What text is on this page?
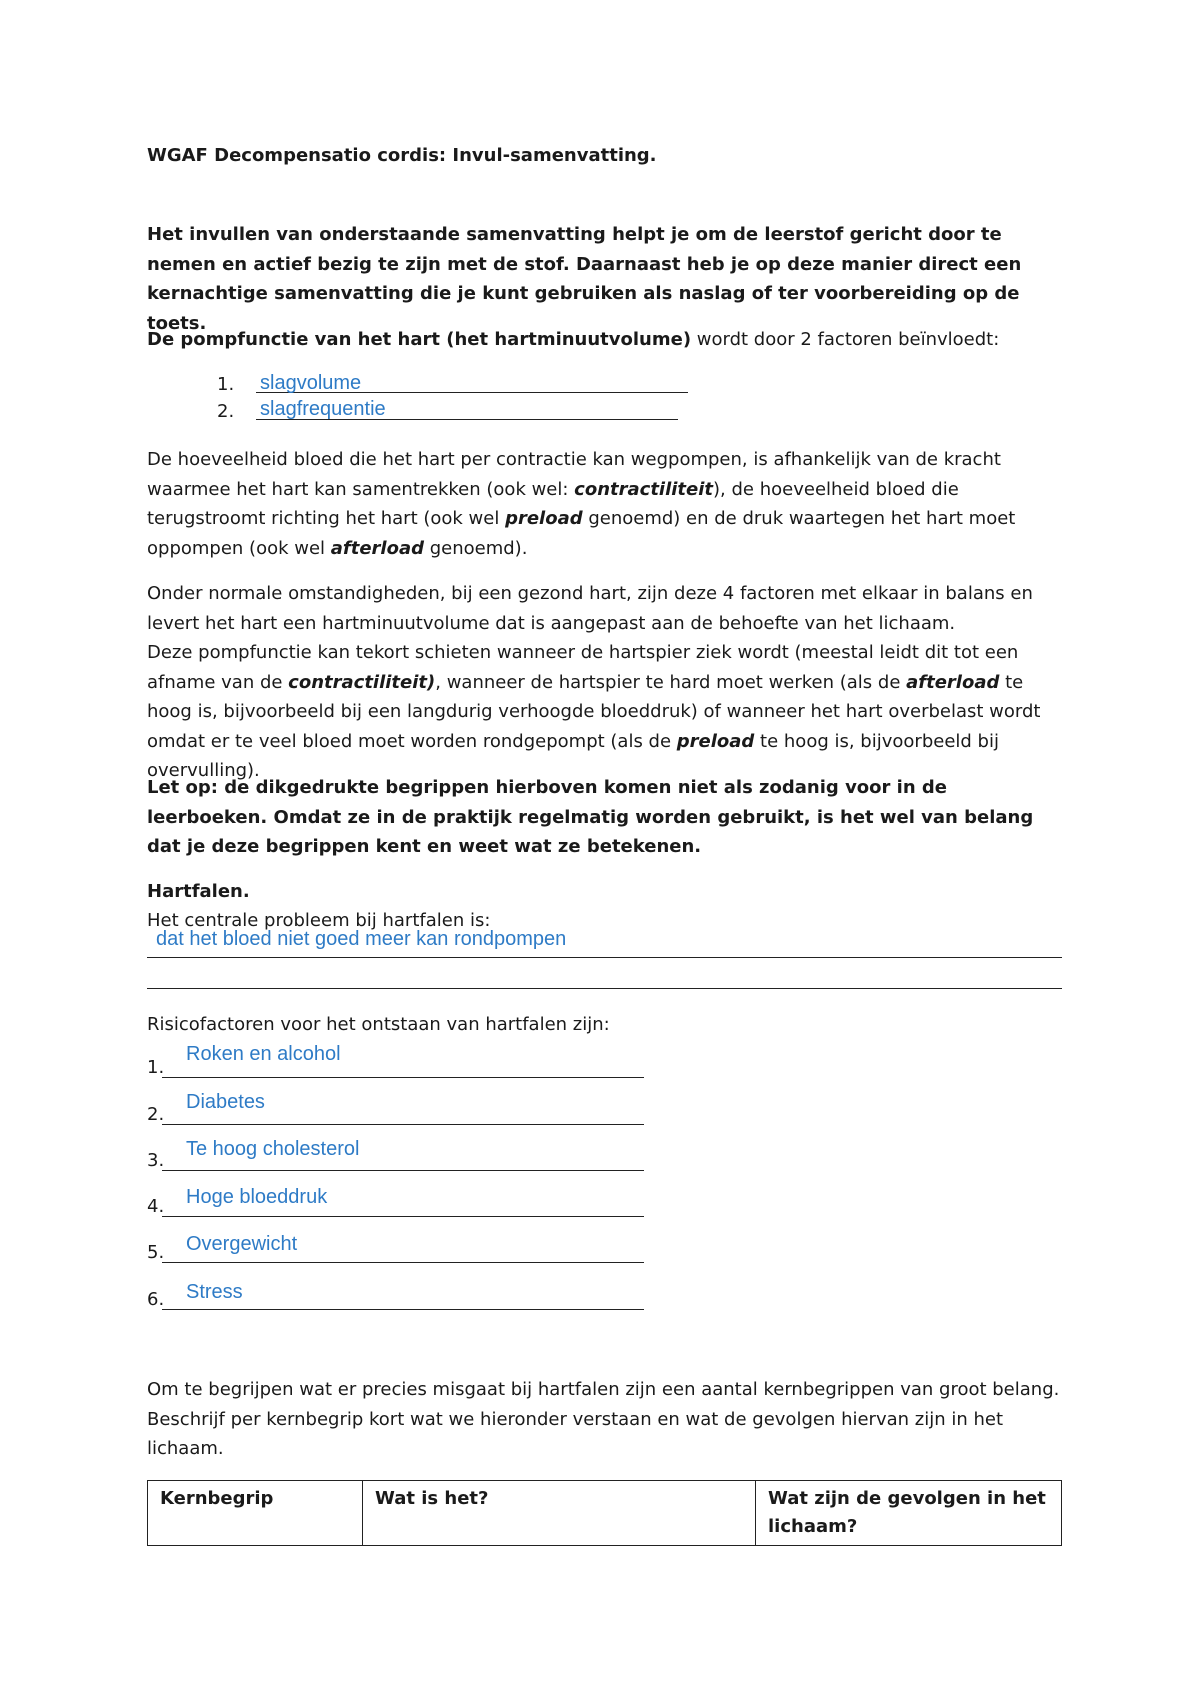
WGAF Decompensatio cordis: Invul-samenvatting.
Het invullen van onderstaande samenvatting helpt je om de leerstof gericht door te nemen en actief bezig te zijn met de stof. Daarnaast heb je op deze manier direct een kernachtige samenvatting die je kunt gebruiken als naslag of ter voorbereiding op de toets.
De pompfunctie van het hart (het hartminuutvolume) wordt door 2 factoren beïnvloedt:
1. slagvolume
2. slagfrequentie
De hoeveelheid bloed die het hart per contractie kan wegpompen, is afhankelijk van de kracht waarmee het hart kan samentrekken (ook wel: contractiliteit), de hoeveelheid bloed die terugstroomt richting het hart (ook wel preload genoemd) en de druk waartegen het hart moet oppompen (ook wel afterload genoemd).
Onder normale omstandigheden, bij een gezond hart, zijn deze 4 factoren met elkaar in balans en levert het hart een hartminuutvolume dat is aangepast aan de behoefte van het lichaam.
Deze pompfunctie kan tekort schieten wanneer de hartspier ziek wordt (meestal leidt dit tot een afname van de contractiliteit), wanneer de hartspier te hard moet werken (als de afterload te hoog is, bijvoorbeeld bij een langdurig verhoogde bloeddruk) of wanneer het hart overbelast wordt omdat er te veel bloed moet worden rondgepompt (als de preload te hoog is, bijvoorbeeld bij overvulling).
Let op: de dikgedrukte begrippen hierboven komen niet als zodanig voor in de leerboeken. Omdat ze in de praktijk regelmatig worden gebruikt, is het wel van belang dat je deze begrippen kent en weet wat ze betekenen.
Hartfalen.
Het centrale probleem bij hartfalen is:
dat het bloed niet goed meer kan rondpompen
Risicofactoren voor het ontstaan van hartfalen zijn:
1.
Roken en alcohol
2.
Diabetes
3.
Te hoog cholesterol
4. Hoge bloeddruk
5. Overgewicht
6. Stress
Om te begrijpen wat er precies misgaat bij hartfalen zijn een aantal kernbegrippen van groot belang. Beschrijf per kernbegrip kort wat we hieronder verstaan en wat de gevolgen hiervan zijn in het lichaam.
Kernbegrip	Wat is het?	Wat zijn de gevolgen in het lichaam?
